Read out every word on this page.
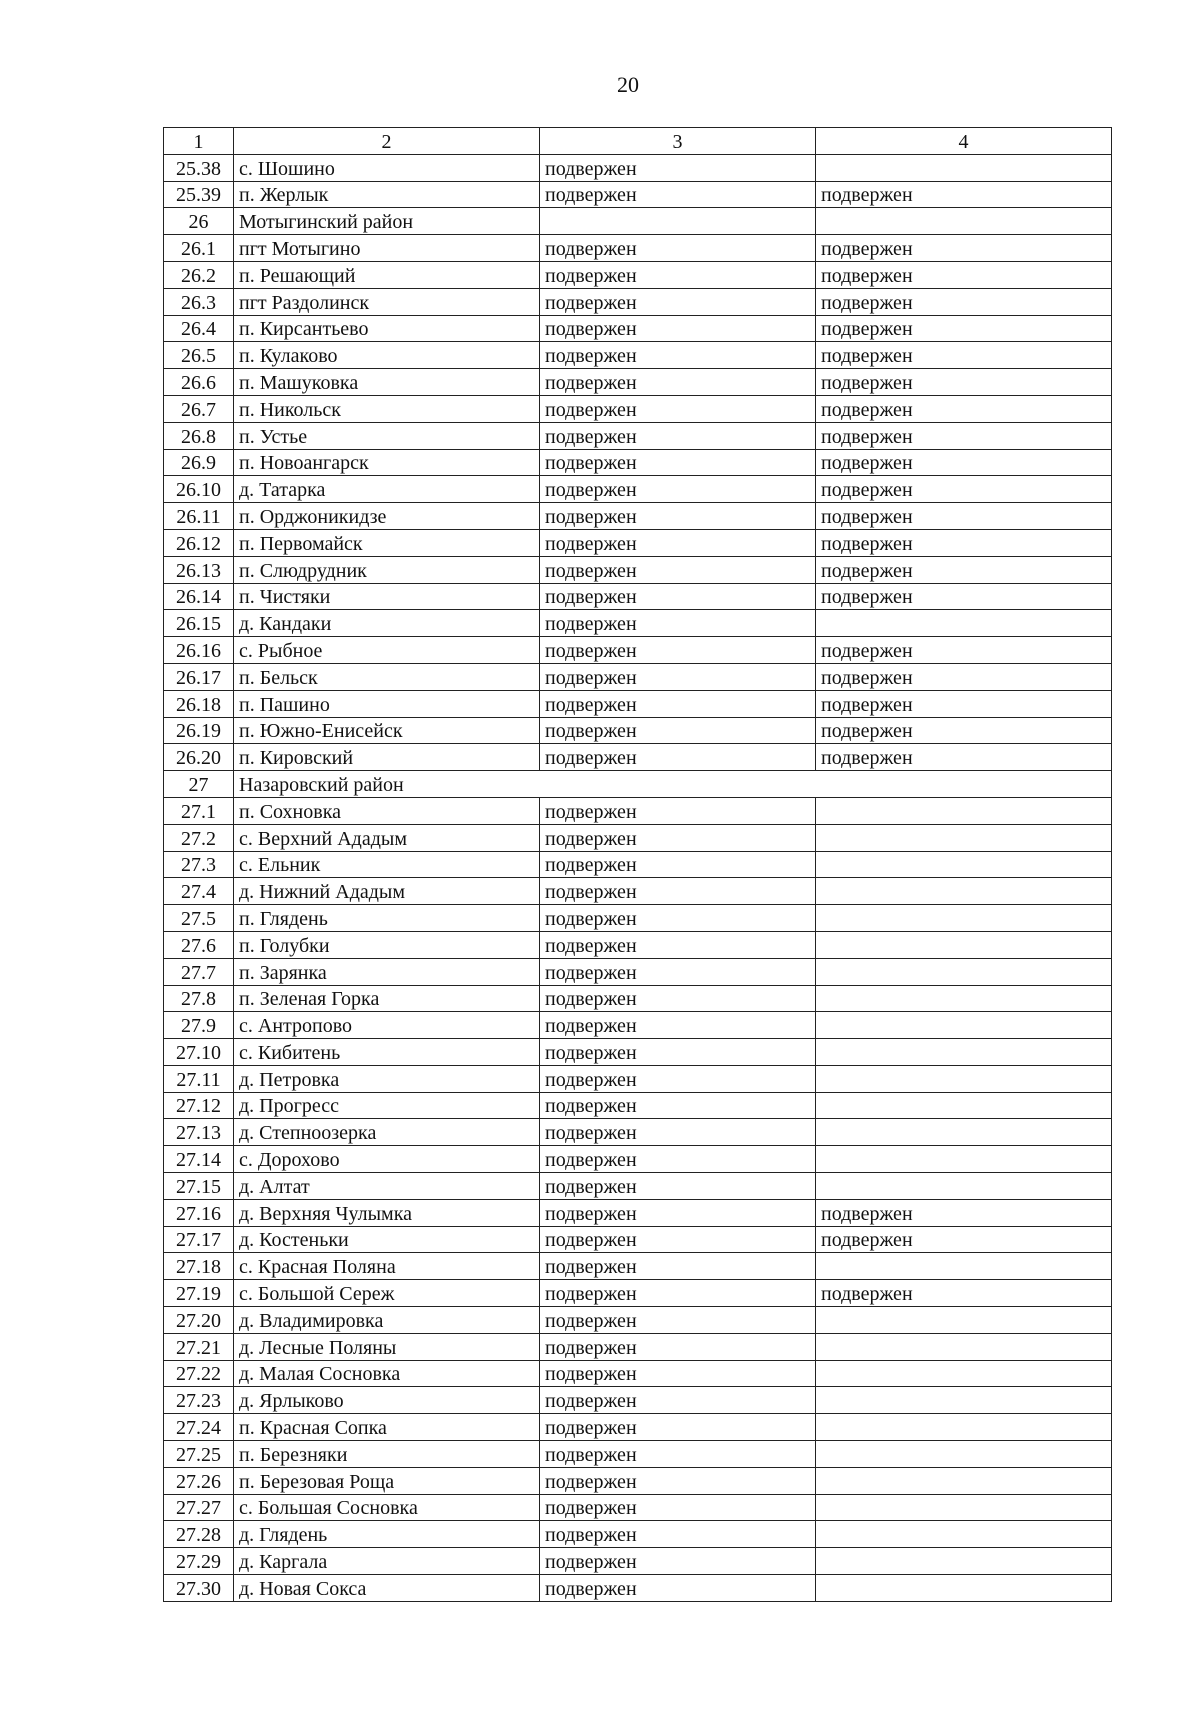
20
1	2	3	4
25.38	с. Шошино	подвержен	
25.39	п. Жерлык	подвержен	подвержен
26	Мотыгинский район		
26.1	пгт Мотыгино	подвержен	подвержен
26.2	п. Решающий	подвержен	подвержен
26.3	пгт Раздолинск	подвержен	подвержен
26.4	п. Кирсантьево	подвержен	подвержен
26.5	п. Кулаково	подвержен	подвержен
26.6	п. Машуковка	подвержен	подвержен
26.7	п. Никольск	подвержен	подвержен
26.8	п. Устье	подвержен	подвержен
26.9	п. Новоангарск	подвержен	подвержен
26.10	д. Татарка	подвержен	подвержен
26.11	п. Орджоникидзе	подвержен	подвержен
26.12	п. Первомайск	подвержен	подвержен
26.13	п. Слюдрудник	подвержен	подвержен
26.14	п. Чистяки	подвержен	подвержен
26.15	д. Кандаки	подвержен	
26.16	с. Рыбное	подвержен	подвержен
26.17	п. Бельск	подвержен	подвержен
26.18	п. Пашино	подвержен	подвержен
26.19	п. Южно-Енисейск	подвержен	подвержен
26.20	п. Кировский	подвержен	подвержен
27	Назаровский район		
27.1	п. Сохновка	подвержен	
27.2	с. Верхний Ададым	подвержен	
27.3	с. Ельник	подвержен	
27.4	д. Нижний Ададым	подвержен	
27.5	п. Глядень	подвержен	
27.6	п. Голубки	подвержен	
27.7	п. Зарянка	подвержен	
27.8	п. Зеленая Горка	подвержен	
27.9	с. Антропово	подвержен	
27.10	с. Кибитень	подвержен	
27.11	д. Петровка	подвержен	
27.12	д. Прогресс	подвержен	
27.13	д. Степноозерка	подвержен	
27.14	с. Дорохово	подвержен	
27.15	д. Алтат	подвержен	
27.16	д. Верхняя Чулымка	подвержен	подвержен
27.17	д. Костеньки	подвержен	подвержен
27.18	с. Красная Поляна	подвержен	
27.19	с. Большой Сереж	подвержен	подвержен
27.20	д. Владимировка	подвержен	
27.21	д. Лесные Поляны	подвержен	
27.22	д. Малая Сосновка	подвержен	
27.23	д. Ярлыково	подвержен	
27.24	п. Красная Сопка	подвержен	
27.25	п. Березняки	подвержен	
27.26	п. Березовая Роща	подвержен	
27.27	с. Большая Сосновка	подвержен	
27.28	д. Глядень	подвержен	
27.29	д. Каргала	подвержен	
27.30	д. Новая Сокса	подвержен	
